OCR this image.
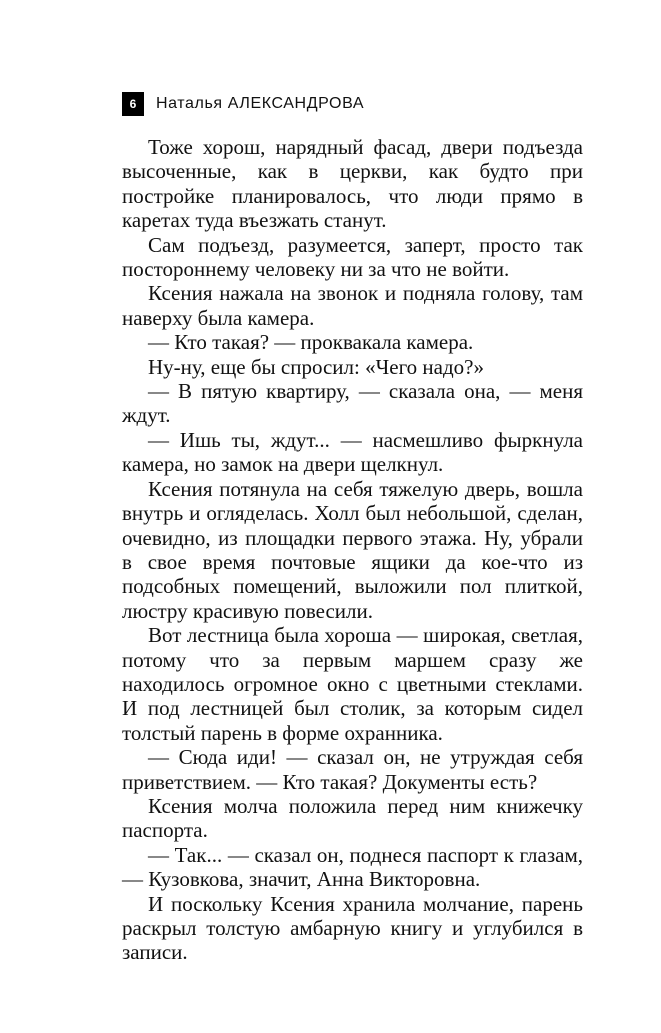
6	Наталья АЛЕКСАНДРОВА

Тоже хорош, нарядный фасад, двери подъезда высоченные, как в церкви, как будто при постройке планировалось, что люди прямо в каретах туда въезжать станут.

Сам подъезд, разумеется, заперт, просто так постороннему человеку ни за что не войти.

Ксения нажала на звонок и подняла голову, там наверху была камера.

— Кто такая? — проквакала камера.

Ну-ну, еще бы спросил: «Чего надо?»

— В пятую квартиру, — сказала она, — меня ждут.

— Ишь ты, ждут... — насмешливо фыркнула камера, но замок на двери щелкнул.

Ксения потянула на себя тяжелую дверь, вошла внутрь и огляделась. Холл был небольшой, сделан, очевидно, из площадки первого этажа. Ну, убрали в свое время почтовые ящики да кое-что из подсобных помещений, выложили пол плиткой, люстру красивую повесили.

Вот лестница была хороша — широкая, светлая, потому что за первым маршем сразу же находилось огромное окно с цветными стеклами. И под лестницей был столик, за которым сидел толстый парень в форме охранника.

— Сюда иди! — сказал он, не утруждая себя приветствием. — Кто такая? Документы есть?

Ксения молча положила перед ним книжечку паспорта.

— Так... — сказал он, поднеся паспорт к глазам, — Кузовкова, значит, Анна Викторовна.

И поскольку Ксения хранила молчание, парень раскрыл толстую амбарную книгу и углубился в записи.
